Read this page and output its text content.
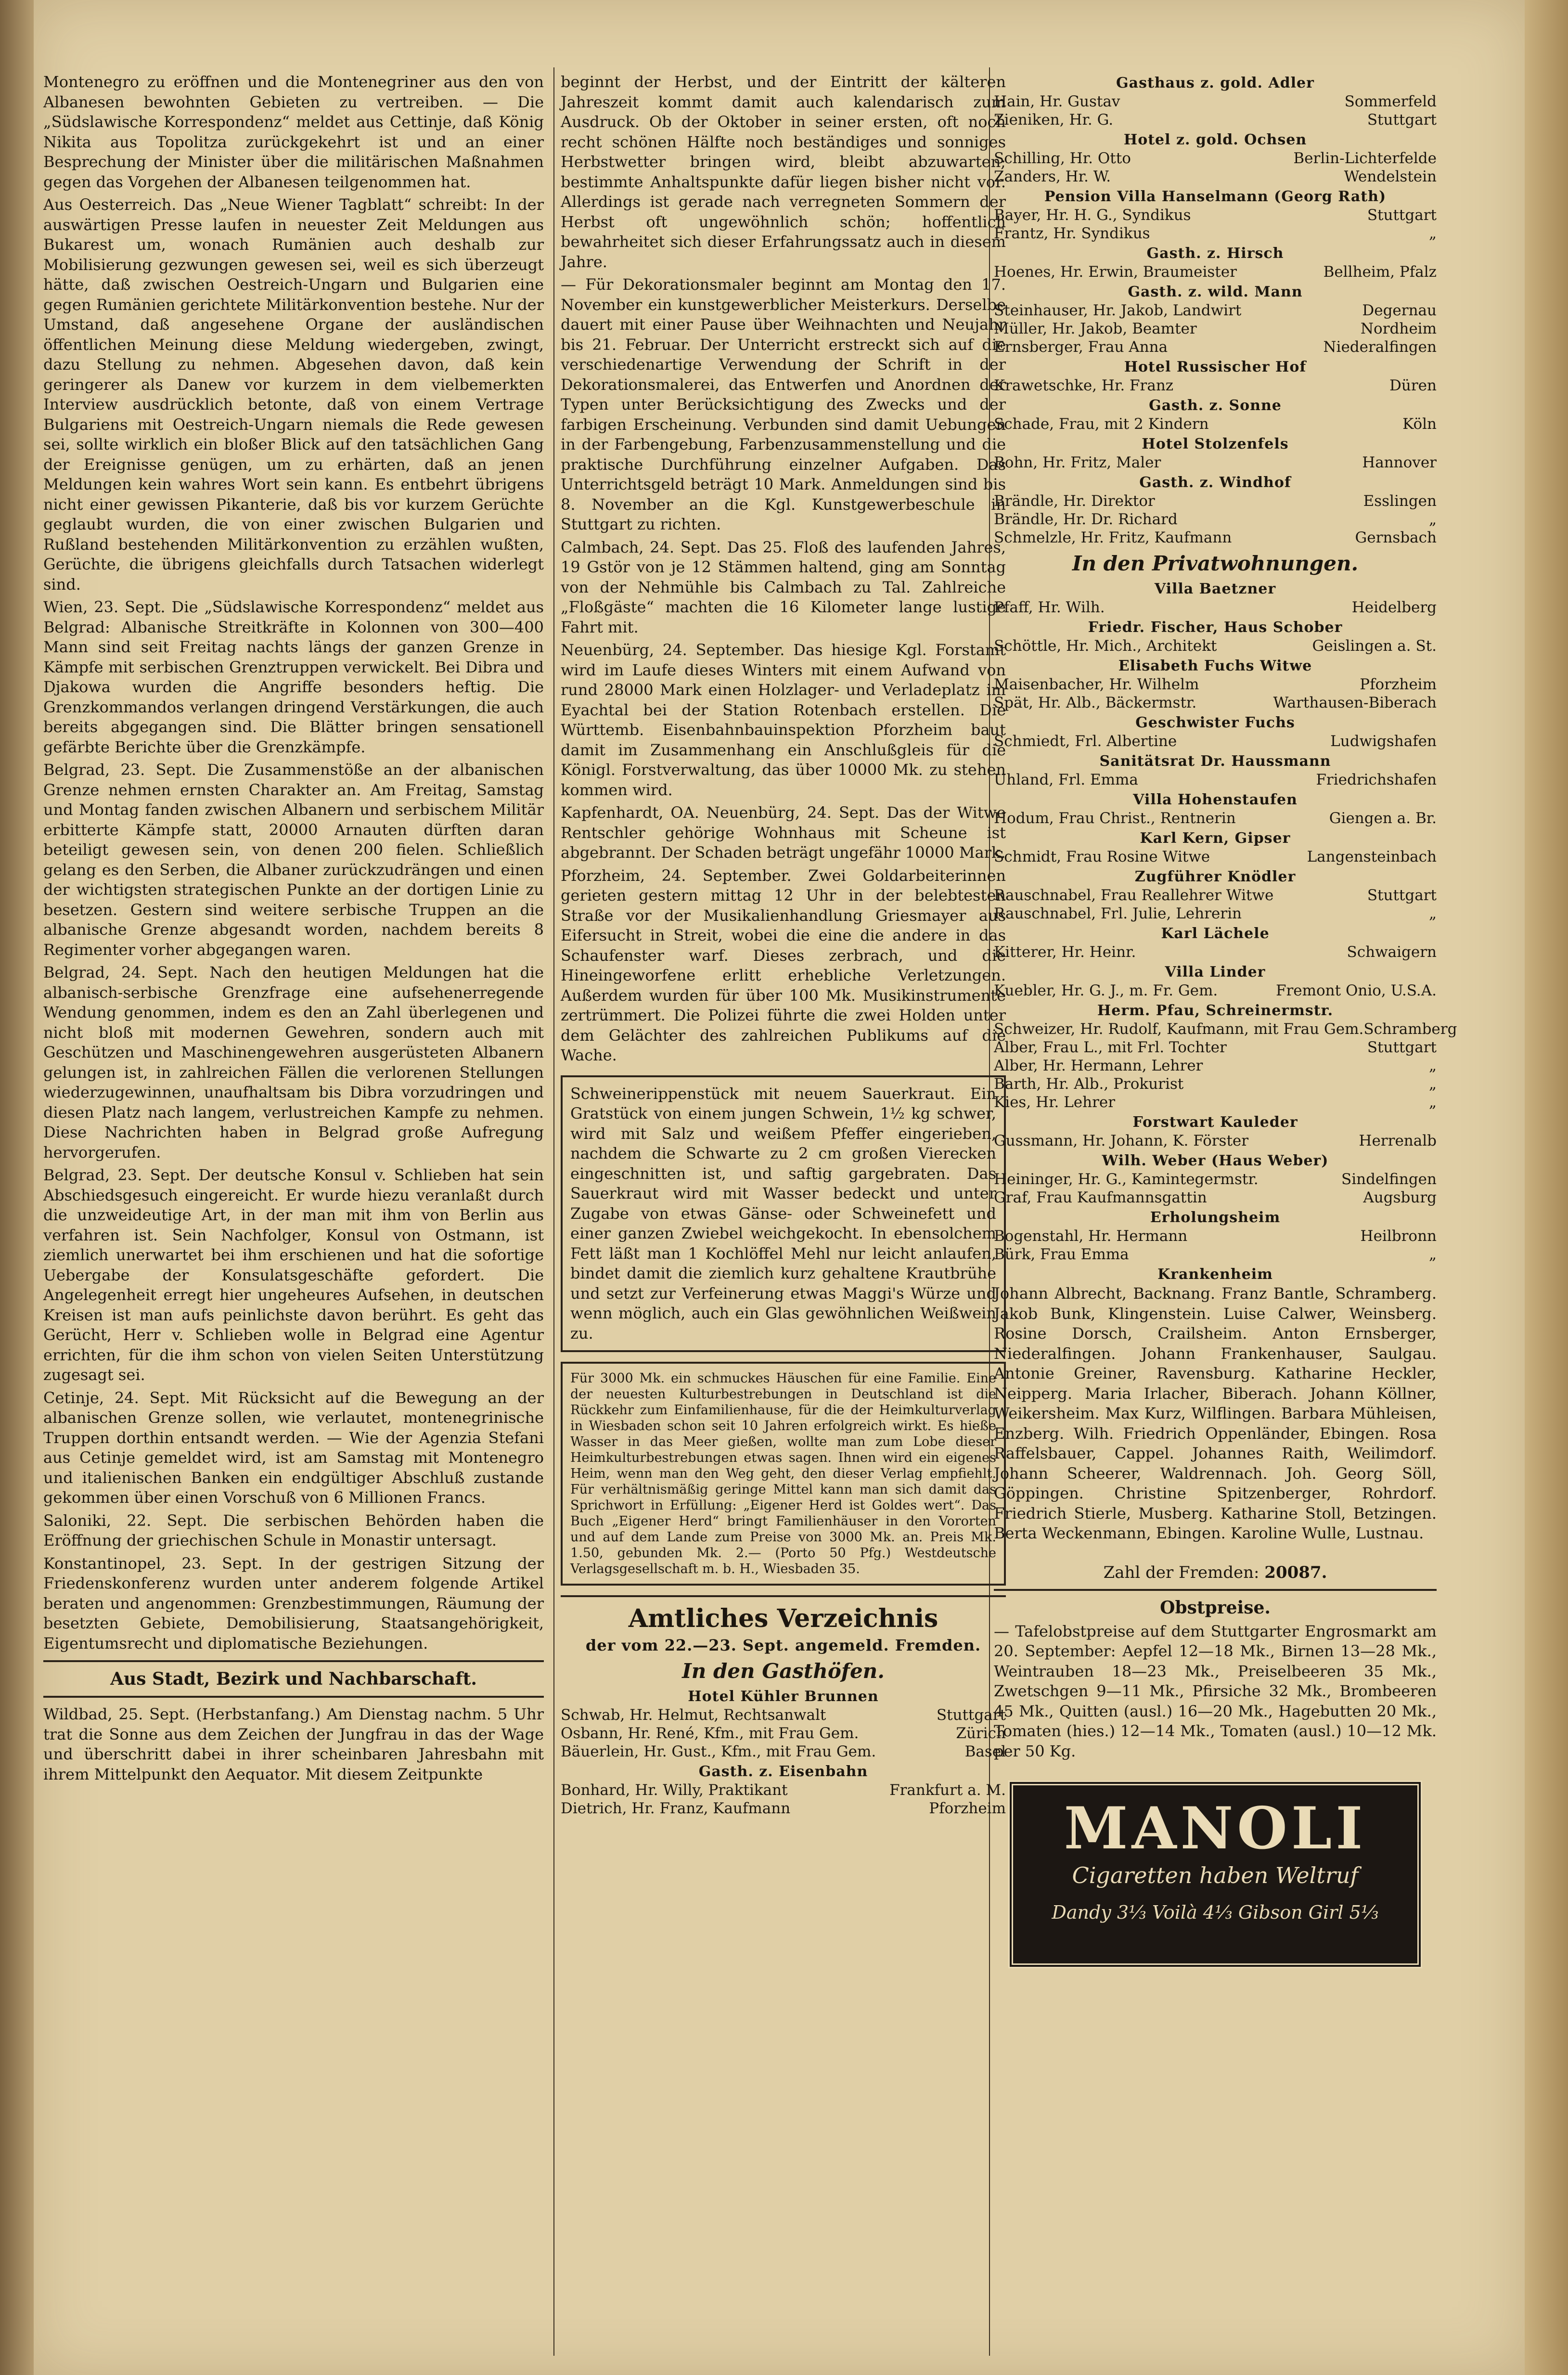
Montenegro zu eröffnen und die Montenegriner aus den von Albanesen bewohnten Gebieten zu vertreiben. — Die „Südslawische Korrespondenz“ meldet aus Cettinje, daß König Nikita aus Topolitza zurückgekehrt ist und an einer Besprechung der Minister über die militärischen Maßnahmen gegen das Vorgehen der Albanesen teilgenommen hat.

Aus Oesterreich. Das „Neue Wiener Tagblatt“ schreibt: In der auswärtigen Presse laufen in neuester Zeit Meldungen aus Bukarest um, wonach Rumänien auch deshalb zur Mobilisierung gezwungen gewesen sei, weil es sich überzeugt hätte, daß zwischen Oestreich-Ungarn und Bulgarien eine gegen Rumänien gerichtete Militärkonvention bestehe. Nur der Umstand, daß angesehene Organe der ausländischen öffentlichen Meinung diese Meldung wiedergeben, zwingt, dazu Stellung zu nehmen. Abgesehen davon, daß kein geringerer als Danew vor kurzem in dem vielbemerkten Interview ausdrücklich betonte, daß von einem Vertrage Bulgariens mit Oestreich-Ungarn niemals die Rede gewesen sei, sollte wirklich ein bloßer Blick auf den tatsächlichen Gang der Ereignisse genügen, um zu erhärten, daß an jenen Meldungen kein wahres Wort sein kann. Es entbehrt übrigens nicht einer gewissen Pikanterie, daß bis vor kurzem Gerüchte geglaubt wurden, die von einer zwischen Bulgarien und Rußland bestehenden Militärkonvention zu erzählen wußten, Gerüchte, die übrigens gleichfalls durch Tatsachen widerlegt sind.

Wien, 23. Sept. Die „Südslawische Korrespondenz“ meldet aus Belgrad: Albanische Streitkräfte in Kolonnen von 300—400 Mann sind seit Freitag nachts längs der ganzen Grenze in Kämpfe mit serbischen Grenztruppen verwickelt. Bei Dibra und Djakowa wurden die Angriffe besonders heftig. Die Grenzkommandos verlangen dringend Verstärkungen, die auch bereits abgegangen sind. Die Blätter bringen sensationell gefärbte Berichte über die Grenzkämpfe.

Belgrad, 23. Sept. Die Zusammenstöße an der albanischen Grenze nehmen ernsten Charakter an. Am Freitag, Samstag und Montag fanden zwischen Albanern und serbischem Militär erbitterte Kämpfe statt, 20000 Arnauten dürften daran beteiligt gewesen sein, von denen 200 fielen. Schließlich gelang es den Serben, die Albaner zurückzudrängen und einen der wichtigsten strategischen Punkte an der dortigen Linie zu besetzen. Gestern sind weitere serbische Truppen an die albanische Grenze abgesandt worden, nachdem bereits 8 Regimenter vorher abgegangen waren.

Belgrad, 24. Sept. Nach den heutigen Meldungen hat die albanisch-serbische Grenzfrage eine aufsehenerregende Wendung genommen, indem es den an Zahl überlegenen und nicht bloß mit modernen Gewehren, sondern auch mit Geschützen und Maschinengewehren ausgerüsteten Albanern gelungen ist, in zahlreichen Fällen die verlorenen Stellungen wiederzugewinnen, unaufhaltsam bis Dibra vorzudringen und diesen Platz nach langem, verlustreichen Kampfe zu nehmen. Diese Nachrichten haben in Belgrad große Aufregung hervorgerufen.

Belgrad, 23. Sept. Der deutsche Konsul v. Schlieben hat sein Abschiedsgesuch eingereicht. Er wurde hiezu veranlaßt durch die unzweideutige Art, in der man mit ihm von Berlin aus verfahren ist. Sein Nachfolger, Konsul von Ostmann, ist ziemlich unerwartet bei ihm erschienen und hat die sofortige Uebergabe der Konsulatsgeschäfte gefordert. Die Angelegenheit erregt hier ungeheures Aufsehen, in deutschen Kreisen ist man aufs peinlichste davon berührt. Es geht das Gerücht, Herr v. Schlieben wolle in Belgrad eine Agentur errichten, für die ihm schon von vielen Seiten Unterstützung zugesagt sei.

Cetinje, 24. Sept. Mit Rücksicht auf die Bewegung an der albanischen Grenze sollen, wie verlautet, montenegrinische Truppen dorthin entsandt werden. — Wie der Agenzia Stefani aus Cetinje gemeldet wird, ist am Samstag mit Montenegro und italienischen Banken ein endgültiger Abschluß zustande gekommen über einen Vorschuß von 6 Millionen Francs.

Saloniki, 22. Sept. Die serbischen Behörden haben die Eröffnung der griechischen Schule in Monastir untersagt.

Konstantinopel, 23. Sept. In der gestrigen Sitzung der Friedenskonferenz wurden unter anderem folgende Artikel beraten und angenommen: Grenzbestimmungen, Räumung der besetzten Gebiete, Demobilisierung, Staatsangehörigkeit, Eigentumsrecht und diplomatische Beziehungen.

Aus Stadt, Bezirk und Nachbarschaft.

Wildbad, 25. Sept. (Herbstanfang.) Am Dienstag nachm. 5 Uhr trat die Sonne aus dem Zeichen der Jungfrau in das der Wage und überschritt dabei in ihrer scheinbaren Jahresbahn mit ihrem Mittelpunkt den Aequator. Mit diesem Zeitpunkte

beginnt der Herbst, und der Eintritt der kälteren Jahreszeit kommt damit auch kalendarisch zum Ausdruck. Ob der Oktober in seiner ersten, oft noch recht schönen Hälfte noch beständiges und sonniges Herbstwetter bringen wird, bleibt abzuwarten; bestimmte Anhaltspunkte dafür liegen bisher nicht vor. Allerdings ist gerade nach verregneten Sommern der Herbst oft ungewöhnlich schön; hoffentlich bewahrheitet sich dieser Erfahrungssatz auch in diesem Jahre.

— Für Dekorationsmaler beginnt am Montag den 17. November ein kunstgewerblicher Meisterkurs. Derselbe dauert mit einer Pause über Weihnachten und Neujahr bis 21. Februar. Der Unterricht erstreckt sich auf die verschiedenartige Verwendung der Schrift in der Dekorationsmalerei, das Entwerfen und Anordnen der Typen unter Berücksichtigung des Zwecks und der farbigen Erscheinung. Verbunden sind damit Uebungen in der Farbengebung, Farbenzusammenstellung und die praktische Durchführung einzelner Aufgaben. Das Unterrichtsgeld beträgt 10 Mark. Anmeldungen sind bis 8. November an die Kgl. Kunstgewerbeschule in Stuttgart zu richten.

Calmbach, 24. Sept. Das 25. Floß des laufenden Jahres, 19 Gstör von je 12 Stämmen haltend, ging am Sonntag von der Nehmühle bis Calmbach zu Tal. Zahlreiche „Floßgäste“ machten die 16 Kilometer lange lustige Fahrt mit.

Neuenbürg, 24. September. Das hiesige Kgl. Forstamt wird im Laufe dieses Winters mit einem Aufwand von rund 28000 Mark einen Holzlager- und Verladeplatz im Eyachtal bei der Station Rotenbach erstellen. Die Württemb. Eisenbahnbauinspektion Pforzheim baut damit im Zusammenhang ein Anschlußgleis für die Königl. Forstverwaltung, das über 10000 Mk. zu stehen kommen wird.

Kapfenhardt, OA. Neuenbürg, 24. Sept. Das der Witwe Rentschler gehörige Wohnhaus mit Scheune ist abgebrannt. Der Schaden beträgt ungefähr 10000 Mark.

Pforzheim, 24. September. Zwei Goldarbeiterinnen gerieten gestern mittag 12 Uhr in der belebtesten Straße vor der Musikalienhandlung Griesmayer aus Eifersucht in Streit, wobei die eine die andere in das Schaufenster warf. Dieses zerbrach, und die Hineingeworfene erlitt erhebliche Verletzungen. Außerdem wurden für über 100 Mk. Musikinstrumente zertrümmert. Die Polizei führte die zwei Holden unter dem Gelächter des zahlreichen Publikums auf die Wache.

Schweinerippenstück mit neuem Sauerkraut. Ein Gratstück von einem jungen Schwein, 1½ kg schwer, wird mit Salz und weißem Pfeffer eingerieben, nachdem die Schwarte zu 2 cm großen Vierecken eingeschnitten ist, und saftig gargebraten. Das Sauerkraut wird mit Wasser bedeckt und unter Zugabe von etwas Gänse- oder Schweinefett und einer ganzen Zwiebel weichgekocht. In ebensolchem Fett läßt man 1 Kochlöffel Mehl nur leicht anlaufen, bindet damit die ziemlich kurz gehaltene Krautbrühe und setzt zur Verfeinerung etwas Maggi's Würze und wenn möglich, auch ein Glas gewöhnlichen Weißwein zu.

Für 3000 Mk. ein schmuckes Häuschen für eine Familie. Eine der neuesten Kulturbestrebungen in Deutschland ist die Rückkehr zum Einfamilienhause, für die der Heimkulturverlag in Wiesbaden schon seit 10 Jahren erfolgreich wirkt. Es hieße Wasser in das Meer gießen, wollte man zum Lobe dieser Heimkulturbestrebungen etwas sagen. Ihnen wird ein eigenes Heim, wenn man den Weg geht, den dieser Verlag empfiehlt. Für verhältnismäßig geringe Mittel kann man sich damit das Sprichwort in Erfüllung: „Eigener Herd ist Goldes wert“. Das Buch „Eigener Herd“ bringt Familienhäuser in den Vororten und auf dem Lande zum Preise von 3000 Mk. an. Preis Mk. 1.50, gebunden Mk. 2.— (Porto 50 Pfg.) Westdeutsche Verlagsgesellschaft m. b. H., Wiesbaden 35.

Amtliches Verzeichnis
der vom 22.—23. Sept. angemeld. Fremden.
In den Gasthöfen.
Hotel Kühler Brunnen
Schwab, Hr. Helmut, Rechtsanwalt	Stuttgart
Osbann, Hr. René, Kfm., mit Frau Gem.	Zürich
Bäuerlein, Hr. Gust., Kfm., mit Frau Gem.	Basel
Gasth. z. Eisenbahn
Bonhard, Hr. Willy, Praktikant	Frankfurt a. M.
Dietrich, Hr. Franz, Kaufmann	Pforzheim
Gasthaus z. gold. Adler
Hain, Hr. Gustav	Sommerfeld
Zieniken, Hr. G.	Stuttgart
Hotel z. gold. Ochsen
Schilling, Hr. Otto	Berlin-Lichterfelde
Zanders, Hr. W.	Wendelstein
Pension Villa Hanselmann (Georg Rath)
Bayer, Hr. H. G., Syndikus	Stuttgart
Frantz, Hr. Syndikus	„
Gasth. z. Hirsch
Hoenes, Hr. Erwin, Braumeister	Bellheim, Pfalz
Gasth. z. wild. Mann
Steinhauser, Hr. Jakob, Landwirt	Degernau
Müller, Hr. Jakob, Beamter	Nordheim
Ernsberger, Frau Anna	Niederalfingen
Hotel Russischer Hof
Krawetschke, Hr. Franz	Düren
Gasth. z. Sonne
Schade, Frau, mit 2 Kindern	Köln
Hotel Stolzenfels
Bohn, Hr. Fritz, Maler	Hannover
Gasth. z. Windhof
Brändle, Hr. Direktor	Esslingen
Brändle, Hr. Dr. Richard	„
Schmelzle, Hr. Fritz, Kaufmann	Gernsbach
In den Privatwohnungen.
Villa Baetzner
Pfaff, Hr. Wilh.	Heidelberg
Friedr. Fischer, Haus Schober
Schöttle, Hr. Mich., Architekt	Geislingen a. St.
Elisabeth Fuchs Witwe
Maisenbacher, Hr. Wilhelm	Pforzheim
Spät, Hr. Alb., Bäckermstr.	Warthausen-Biberach
Geschwister Fuchs
Schmiedt, Frl. Albertine	Ludwigshafen
Sanitätsrat Dr. Haussmann
Uhland, Frl. Emma	Friedrichshafen
Villa Hohenstaufen
Hodum, Frau Christ., Rentnerin	Giengen a. Br.
Karl Kern, Gipser
Schmidt, Frau Rosine Witwe	Langensteinbach
Zugführer Knödler
Rauschnabel, Frau Reallehrer Witwe	Stuttgart
Rauschnabel, Frl. Julie, Lehrerin	„
Karl Lächele
Kitterer, Hr. Heinr.	Schwaigern
Villa Linder
Kuebler, Hr. G. J., m. Fr. Gem.	Fremont Onio, U.S.A.
Herm. Pfau, Schreinermstr.
Schweizer, Hr. Rudolf, Kaufmann, mit Frau Gem. Schramberg
Alber, Frau L., mit Frl. Tochter	Stuttgart
Alber, Hr. Hermann, Lehrer	„
Barth, Hr. Alb., Prokurist	„
Kies, Hr. Lehrer	„
Forstwart Kauleder
Gussmann, Hr. Johann, K. Förster	Herrenalb
Wilh. Weber (Haus Weber)
Heininger, Hr. G., Kamintegermstr.	Sindelfingen
Graf, Frau Kaufmannsgattin	Augsburg
Erholungsheim
Bogenstahl, Hr. Hermann	Heilbronn
Bürk, Frau Emma	„
Krankenheim

Johann Albrecht, Backnang. Franz Bantle, Schramberg. Jakob Bunk, Klingenstein. Luise Calwer, Weinsberg. Rosine Dorsch, Crailsheim. Anton Ernsberger, Niederalfingen. Johann Frankenhauser, Saulgau. Antonie Greiner, Ravensburg. Katharine Heckler, Neipperg. Maria Irlacher, Biberach. Johann Köllner, Weikersheim. Max Kurz, Wilflingen. Barbara Mühleisen, Enzberg. Wilh. Friedrich Oppenländer, Ebingen. Rosa Raffelsbauer, Cappel. Johannes Raith, Weilimdorf. Johann Scheerer, Waldrennach. Joh. Georg Söll, Göppingen. Christine Spitzenberger, Rohrdorf. Friedrich Stierle, Musberg. Katharine Stoll, Betzingen. Berta Weckenmann, Ebingen. Karoline Wulle, Lustnau.

Zahl der Fremden: 20087.
Obstpreise.

— Tafelobstpreise auf dem Stuttgarter Engrosmarkt am 20. September: Aepfel 12—18 Mk., Birnen 13—28 Mk., Weintrauben 18—23 Mk., Preiselbeeren 35 Mk., Zwetschgen 9—11 Mk., Pfirsiche 32 Mk., Brombeeren 45 Mk., Quitten (ausl.) 16—20 Mk., Hagebutten 20 Mk., Tomaten (hies.) 12—14 Mk., Tomaten (ausl.) 10—12 Mk. per 50 Kg.

MANOLI
Cigaretten haben Weltruf
Dandy 3⅓ Voilà 4⅓ Gibson Girl 5⅓
